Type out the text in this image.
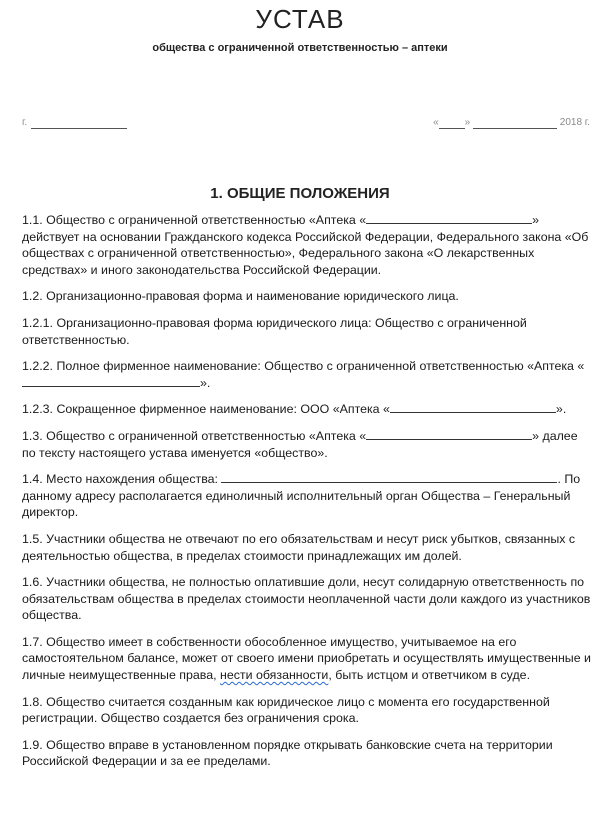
УСТАВ
общества с ограниченной ответственностью – аптеки
г.	«	»	2018 г.
1. ОБЩИЕ ПОЛОЖЕНИЯ

1.1. Общество с ограниченной ответственностью «Аптека «	» действует на основании Гражданского кодекса Российской Федерации, Федерального закона «Об обществах с ограниченной ответственностью», Федерального закона «О лекарственных средствах» и иного законодательства Российской Федерации.

1.2. Организационно-правовая форма и наименование юридического лица.

1.2.1. Организационно-правовая форма юридического лица: Общество с ограниченной ответственностью.

1.2.2. Полное фирменное наименование: Общество с ограниченной ответственностью «Аптека «».

1.2.3. Сокращенное фирменное наименование: ООО «Аптека «	».

1.3. Общество с ограниченной ответственностью «Аптека «	» далее по тексту настоящего устава именуется «общество».

1.4. Место нахождения общества:	. По данному адресу располагается единоличный исполнительный орган Общества – Генеральный директор.

1.5. Участники общества не отвечают по его обязательствам и несут риск убытков, связанных с деятельностью общества, в пределах стоимости принадлежащих им долей.

1.6. Участники общества, не полностью оплатившие доли, несут солидарную ответственность по обязательствам общества в пределах стоимости неоплаченной части доли каждого из участников общества.

1.7. Общество имеет в собственности обособленное имущество, учитываемое на его самостоятельном балансе, может от своего имени приобретать и осуществлять имущественные и личные неимущественные права, нести обязанности, быть истцом и ответчиком в суде.

1.8. Общество считается созданным как юридическое лицо с момента его государственной регистрации. Общество создается без ограничения срока.

1.9. Общество вправе в установленном порядке открывать банковские счета на территории Российской Федерации и за ее пределами.
